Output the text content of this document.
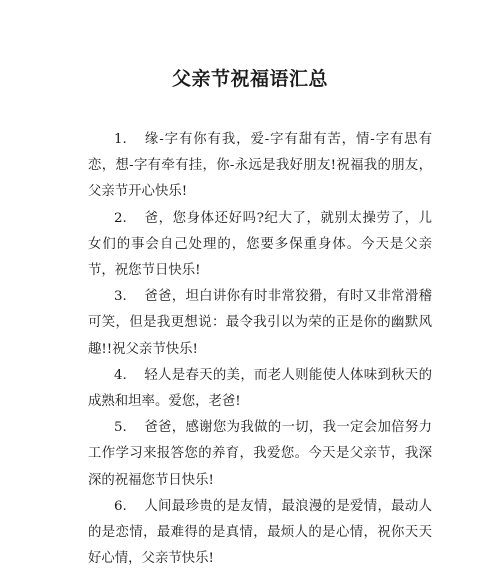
父亲节祝福语汇总

1. 缘-字有你有我，爱-字有甜有苦，情-字有思有恋，想-字有牵有挂，你-永远是我好朋友!祝福我的朋友，父亲节开心快乐!

2. 爸，您身体还好吗?纪大了，就别太操劳了，儿女们的事会自己处理的，您要多保重身体。今天是父亲节，祝您节日快乐!

3. 爸爸，坦白讲你有时非常狡猾，有时又非常滑稽可笑，但是我更想说：最令我引以为荣的正是你的幽默风趣!!祝父亲节快乐!

4. 轻人是春天的美，而老人则能使人体味到秋天的成熟和坦率。爱您，老爸!

5. 爸爸，感谢您为我做的一切，我一定会加倍努力工作学习来报答您的养育，我爱您。今天是父亲节，我深深的祝福您节日快乐!

6. 人间最珍贵的是友情，最浪漫的是爱情，最动人的是恋情，最难得的是真情，最烦人的是心情，祝你天天好心情，父亲节快乐!
